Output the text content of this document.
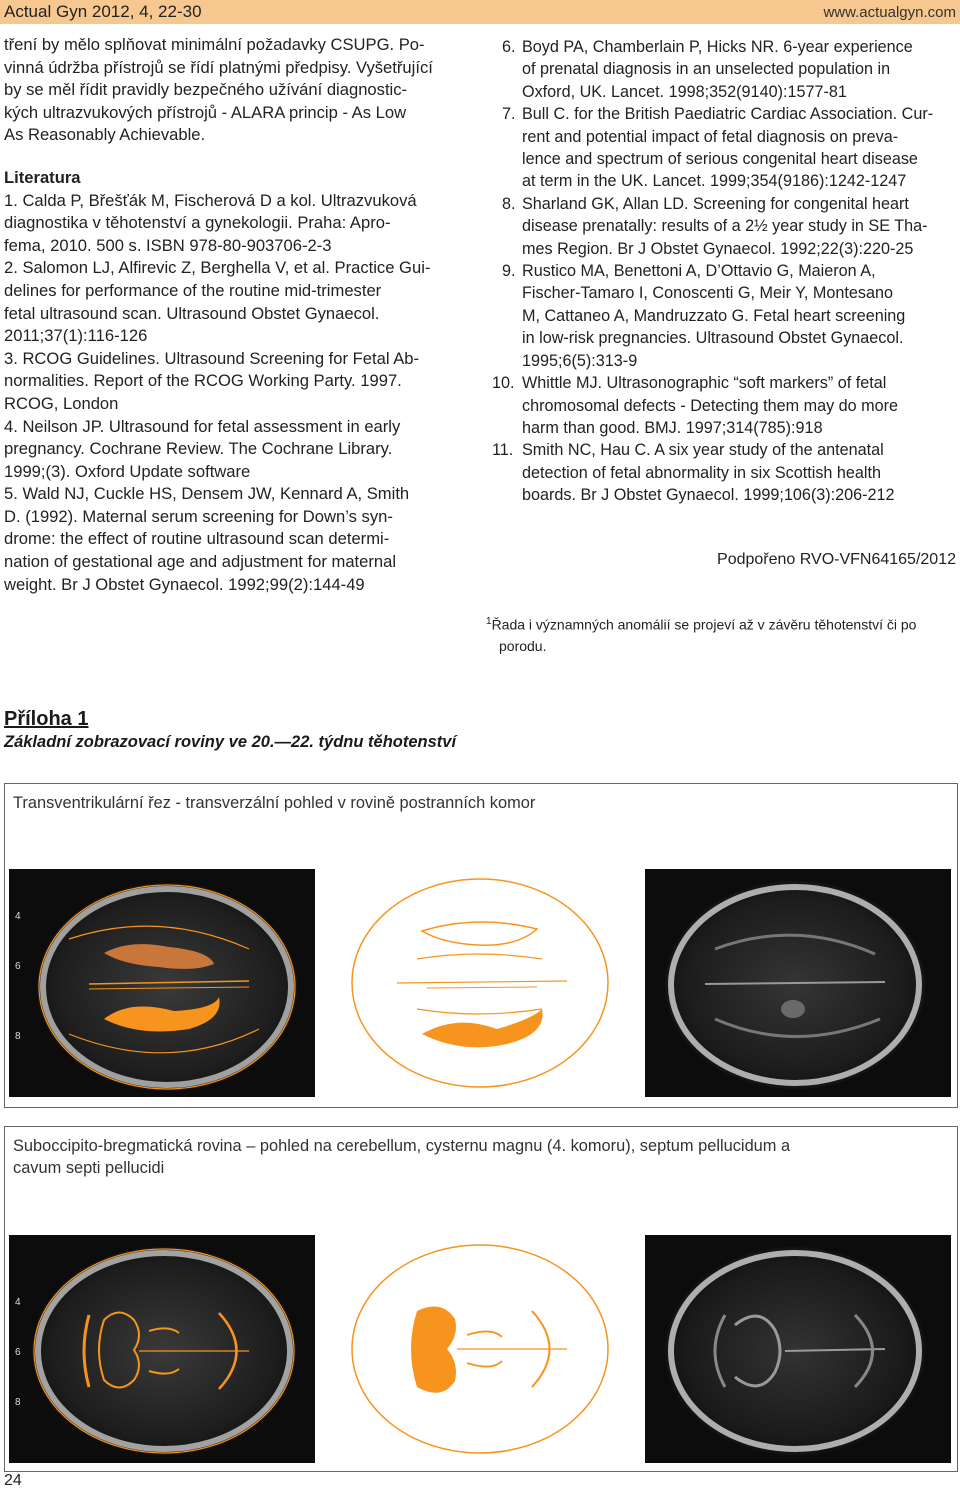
Actual Gyn 2012, 4, 22-30	www.actualgyn.com

tření by mělo splňovat minimální požadavky CSUPG. Po-

vinná údržba přístrojů se řídí platnými předpisy. Vyšetřující

by se měl řídit pravidly bezpečného užívání diagnostic-

kých ultrazvukových přístrojů - ALARA princip - As Low

As Reasonably Achievable.

Literatura

1. Calda P, Břešťák M, Fischerová D a kol. Ultrazvuková

diagnostika v těhotenství a gynekologii. Praha: Apro-

fema, 2010. 500 s. ISBN 978-80-903706-2-3

2. Salomon LJ, Alfirevic Z, Berghella V, et al. Practice Gui-

delines for performance of the routine mid-trimester

fetal ultrasound scan. Ultrasound Obstet Gynaecol.

2011;37(1):116-126

3. RCOG Guidelines. Ultrasound Screening for Fetal Ab-

normalities. Report of the RCOG Working Party. 1997.

RCOG, London

4. Neilson JP. Ultrasound for fetal assessment in early

pregnancy. Cochrane Review. The Cochrane Library.

1999;(3). Oxford Update software

5. Wald NJ, Cuckle HS, Densem JW, Kennard A, Smith

D. (1992). Maternal serum screening for Down’s syn-

drome: the effect of routine ultrasound scan determi-

nation of gestational age and adjustment for maternal

weight. Br J Obstet Gynaecol. 1992;99(2):144-49

6. Boyd PA, Chamberlain P, Hicks NR. 6-year experience

of prenatal diagnosis in an unselected population in

Oxford, UK. Lancet. 1998;352(9140):1577-81

7. Bull C. for the British Paediatric Cardiac Association. Cur-

rent and potential impact of fetal diagnosis on preva-

lence and spectrum of serious congenital heart disease

at term in the UK. Lancet. 1999;354(9186):1242-1247

8. Sharland GK, Allan LD. Screening for congenital heart

disease prenatally: results of a 2½ year study in SE Tha-

mes Region. Br J Obstet Gynaecol. 1992;22(3):220-25

9. Rustico MA, Benettoni A, D’Ottavio G, Maieron A,

Fischer-Tamaro I, Conoscenti G, Meir Y, Montesano

M, Cattaneo A, Mandruzzato G. Fetal heart screening

in low-risk pregnancies. Ultrasound Obstet Gynaecol.

1995;6(5):313-9

10. Whittle MJ. Ultrasonographic “soft markers” of fetal

chromosomal defects - Detecting them may do more

harm than good. BMJ. 1997;314(785):918

11. Smith NC, Hau C. A six year study of the antenatal

detection of fetal abnormality in six Scottish health

boards. Br J Obstet Gynaecol. 1999;106(3):206-212

Podpořeno RVO-VFN64165/2012
$^1$Řada i významných anomálií se projeví až v závěru těhotenství či po
porodu.
Příloha 1
Základní zobrazovací roviny ve 20.—22. týdnu těhotenství
Transventrikulární řez - transverzální pohled v rovině postranních komor
4
6
8
Suboccipito-bregmatická rovina – pohled na cerebellum, cysternu magnu (4. komoru), septum pellucidum a
cavum septi pellucidi
4
6
8
24
